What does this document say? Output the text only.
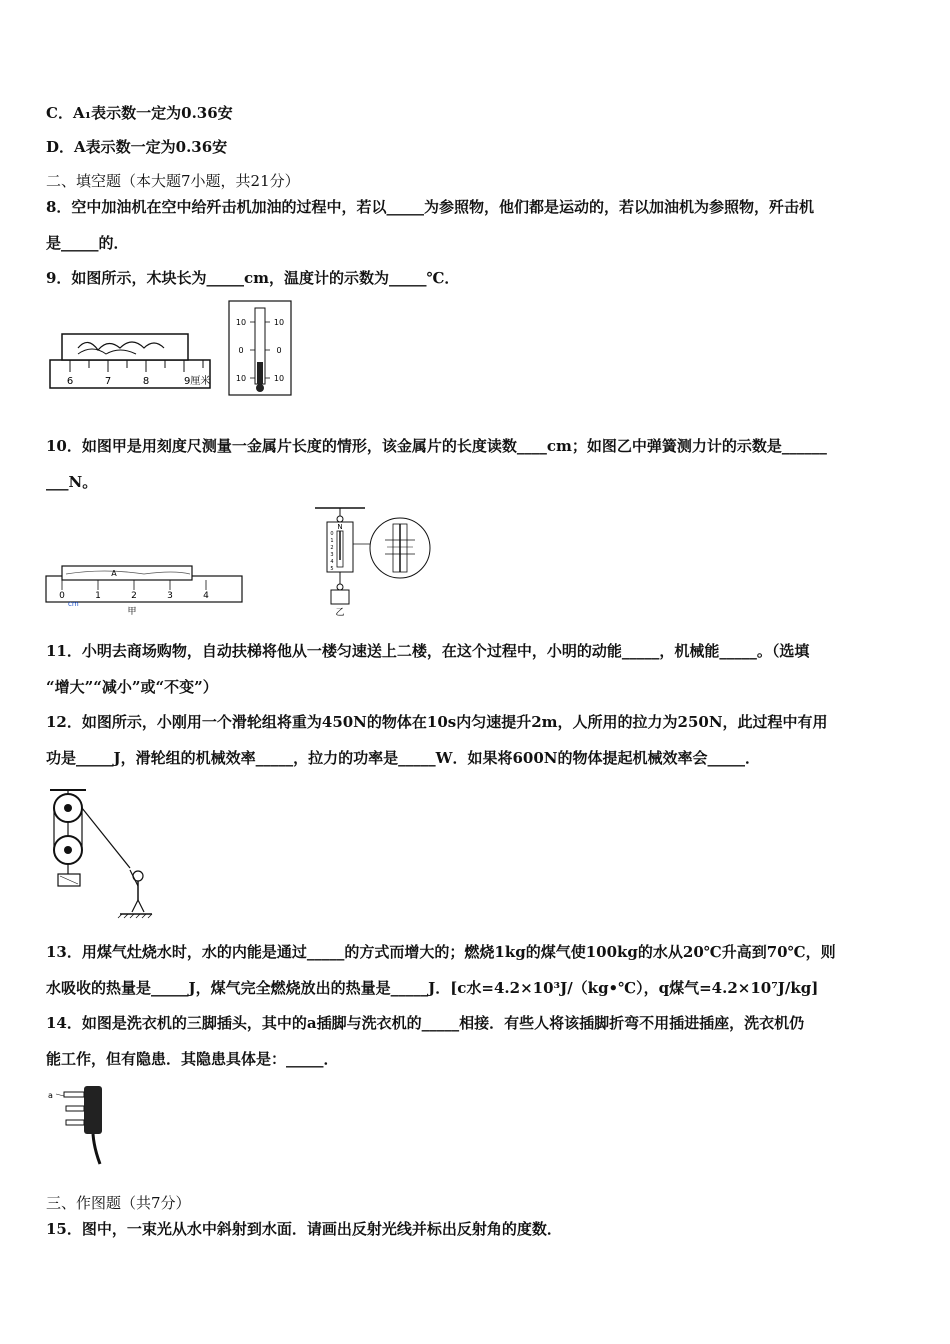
C．A₁表示数一定为0.36安
D．A表示数一定为0.36安
二、填空题（本大题7小题，共21分）
8．空中加油机在空中给歼击机加油的过程中，若以_____为参照物，他们都是运动的，若以加油机为参照物，歼击机
是_____的．
9．如图所示，木块长为_____cm，温度计的示数为_____℃．
6	7	8	9厘米
10
0
10
10
0
10
10．如图甲是用刻度尺测量一金属片长度的情形，该金属片的长度读数____cm；如图乙中弹簧测力计的示数是______
___N。
A
0	1	2	3	4
cm
甲
N
0
1
2
3
4
5
乙
11．小明去商场购物，自动扶梯将他从一楼匀速送上二楼，在这个过程中，小明的动能_____，机械能_____。（选填
“增大”“减小”或“不变”）
12．如图所示，小刚用一个滑轮组将重为450N的物体在10s内匀速提升2m，人所用的拉力为250N，此过程中有用
功是_____J，滑轮组的机械效率_____，拉力的功率是_____W．如果将600N的物体提起机械效率会_____．
13．用煤气灶烧水时，水的内能是通过_____的方式而增大的；燃烧1kg的煤气使100kg的水从20℃升高到70℃，则
水吸收的热量是_____J，煤气完全燃烧放出的热量是_____J．[c水=4.2×10³J/（kg•℃），q煤气=4.2×10⁷J/kg]
14．如图是洗衣机的三脚插头，其中的a插脚与洗衣机的_____相接．有些人将该插脚折弯不用插进插座，洗衣机仍
能工作，但有隐患．其隐患具体是：_____．
a
三、作图题（共7分）
15．图中，一束光从水中斜射到水面．请画出反射光线并标出反射角的度数．
